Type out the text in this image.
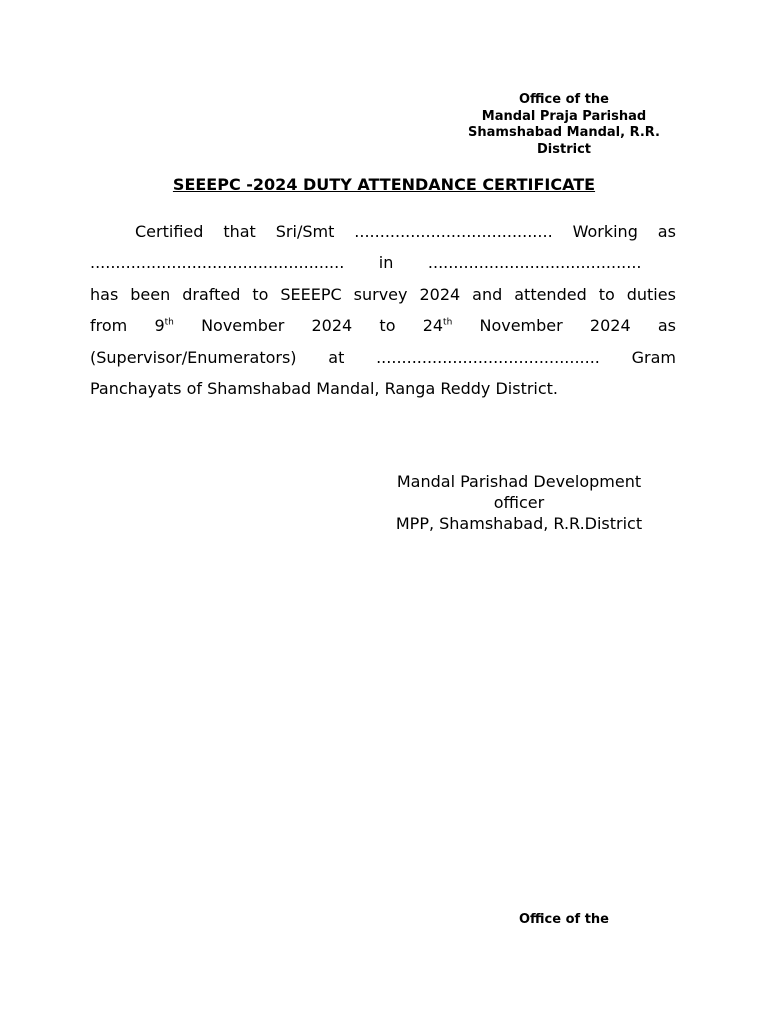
Office of the
Mandal Praja Parishad
Shamshabad Mandal, R.R.
District
SEEEPC -2024 DUTY ATTENDANCE CERTIFICATE
Certified that Sri/Smt ....................................... Working as
.................................................. in ..........................................
has been drafted to SEEEPC survey 2024 and attended to duties
from 9th November 2024 to 24th November 2024 as
(Supervisor/Enumerators) at ............................................ Gram
Panchayats of Shamshabad Mandal, Ranga Reddy District.
Mandal Parishad Development
officer
MPP, Shamshabad, R.R.District
Office of the
